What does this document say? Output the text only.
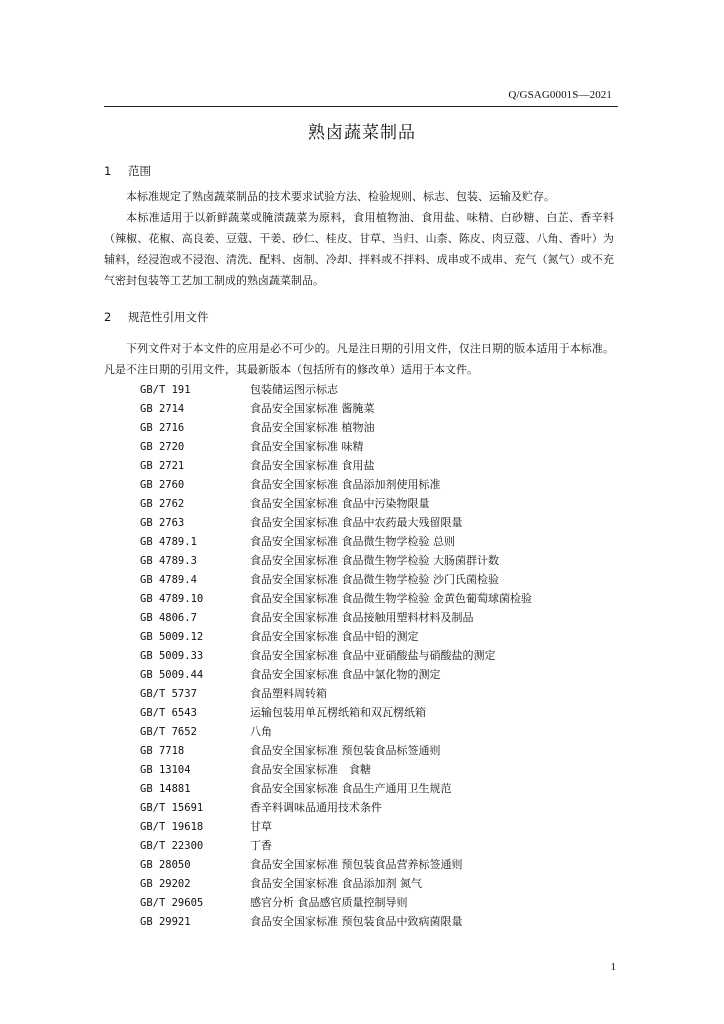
Q/GSAG0001S—2021
熟卤蔬菜制品
1 范围
本标准规定了熟卤蔬菜制品的技术要求试验方法、检验规则、标志、包装、运输及贮存。
本标准适用于以新鲜蔬菜或腌渍蔬菜为原料，食用植物油、食用盐、味精、白砂糖、白芷、香辛料（辣椒、花椒、高良姜、豆蔻、干姜、砂仁、桂皮、甘草、当归、山柰、陈皮、肉豆蔻、八角、香叶）为辅料，经浸泡或不浸泡、清洗、配料、卤制、冷却、拌料或不拌料、成串或不成串、充气（氮气）或不充气密封包装等工艺加工制成的熟卤蔬菜制品。
2 规范性引用文件
下列文件对于本文件的应用是必不可少的。凡是注日期的引用文件，仅注日期的版本适用于本标准。凡是不注日期的引用文件，其最新版本（包括所有的修改单）适用于本文件。
GB/T 191	包装储运图示标志
GB 2714	食品安全国家标准 酱腌菜
GB 2716	食品安全国家标准 植物油
GB 2720	食品安全国家标准 味精
GB 2721	食品安全国家标准 食用盐
GB 2760	食品安全国家标准 食品添加剂使用标准
GB 2762	食品安全国家标准 食品中污染物限量
GB 2763	食品安全国家标准 食品中农药最大残留限量
GB 4789.1	食品安全国家标准 食品微生物学检验 总则
GB 4789.3	食品安全国家标准 食品微生物学检验 大肠菌群计数
GB 4789.4	食品安全国家标准 食品微生物学检验 沙门氏菌检验
GB 4789.10	食品安全国家标准 食品微生物学检验 金黄色葡萄球菌检验
GB 4806.7	食品安全国家标准 食品接触用塑料材料及制品
GB 5009.12	食品安全国家标准 食品中铅的测定
GB 5009.33	食品安全国家标准 食品中亚硝酸盐与硝酸盐的测定
GB 5009.44	食品安全国家标准 食品中氯化物的测定
GB/T 5737	食品塑料周转箱
GB/T 6543	运输包装用单瓦楞纸箱和双瓦楞纸箱
GB/T 7652	八角
GB 7718	食品安全国家标准 预包装食品标签通则
GB 13104	食品安全国家标准　食糖
GB 14881	食品安全国家标准 食品生产通用卫生规范
GB/T 15691	香辛料调味品通用技术条件
GB/T 19618	甘草
GB/T 22300	丁香
GB 28050	食品安全国家标准 预包装食品营养标签通则
GB 29202	食品安全国家标准 食品添加剂 氮气
GB/T 29605	感官分析 食品感官质量控制导则
GB 29921	食品安全国家标准 预包装食品中致病菌限量
1
